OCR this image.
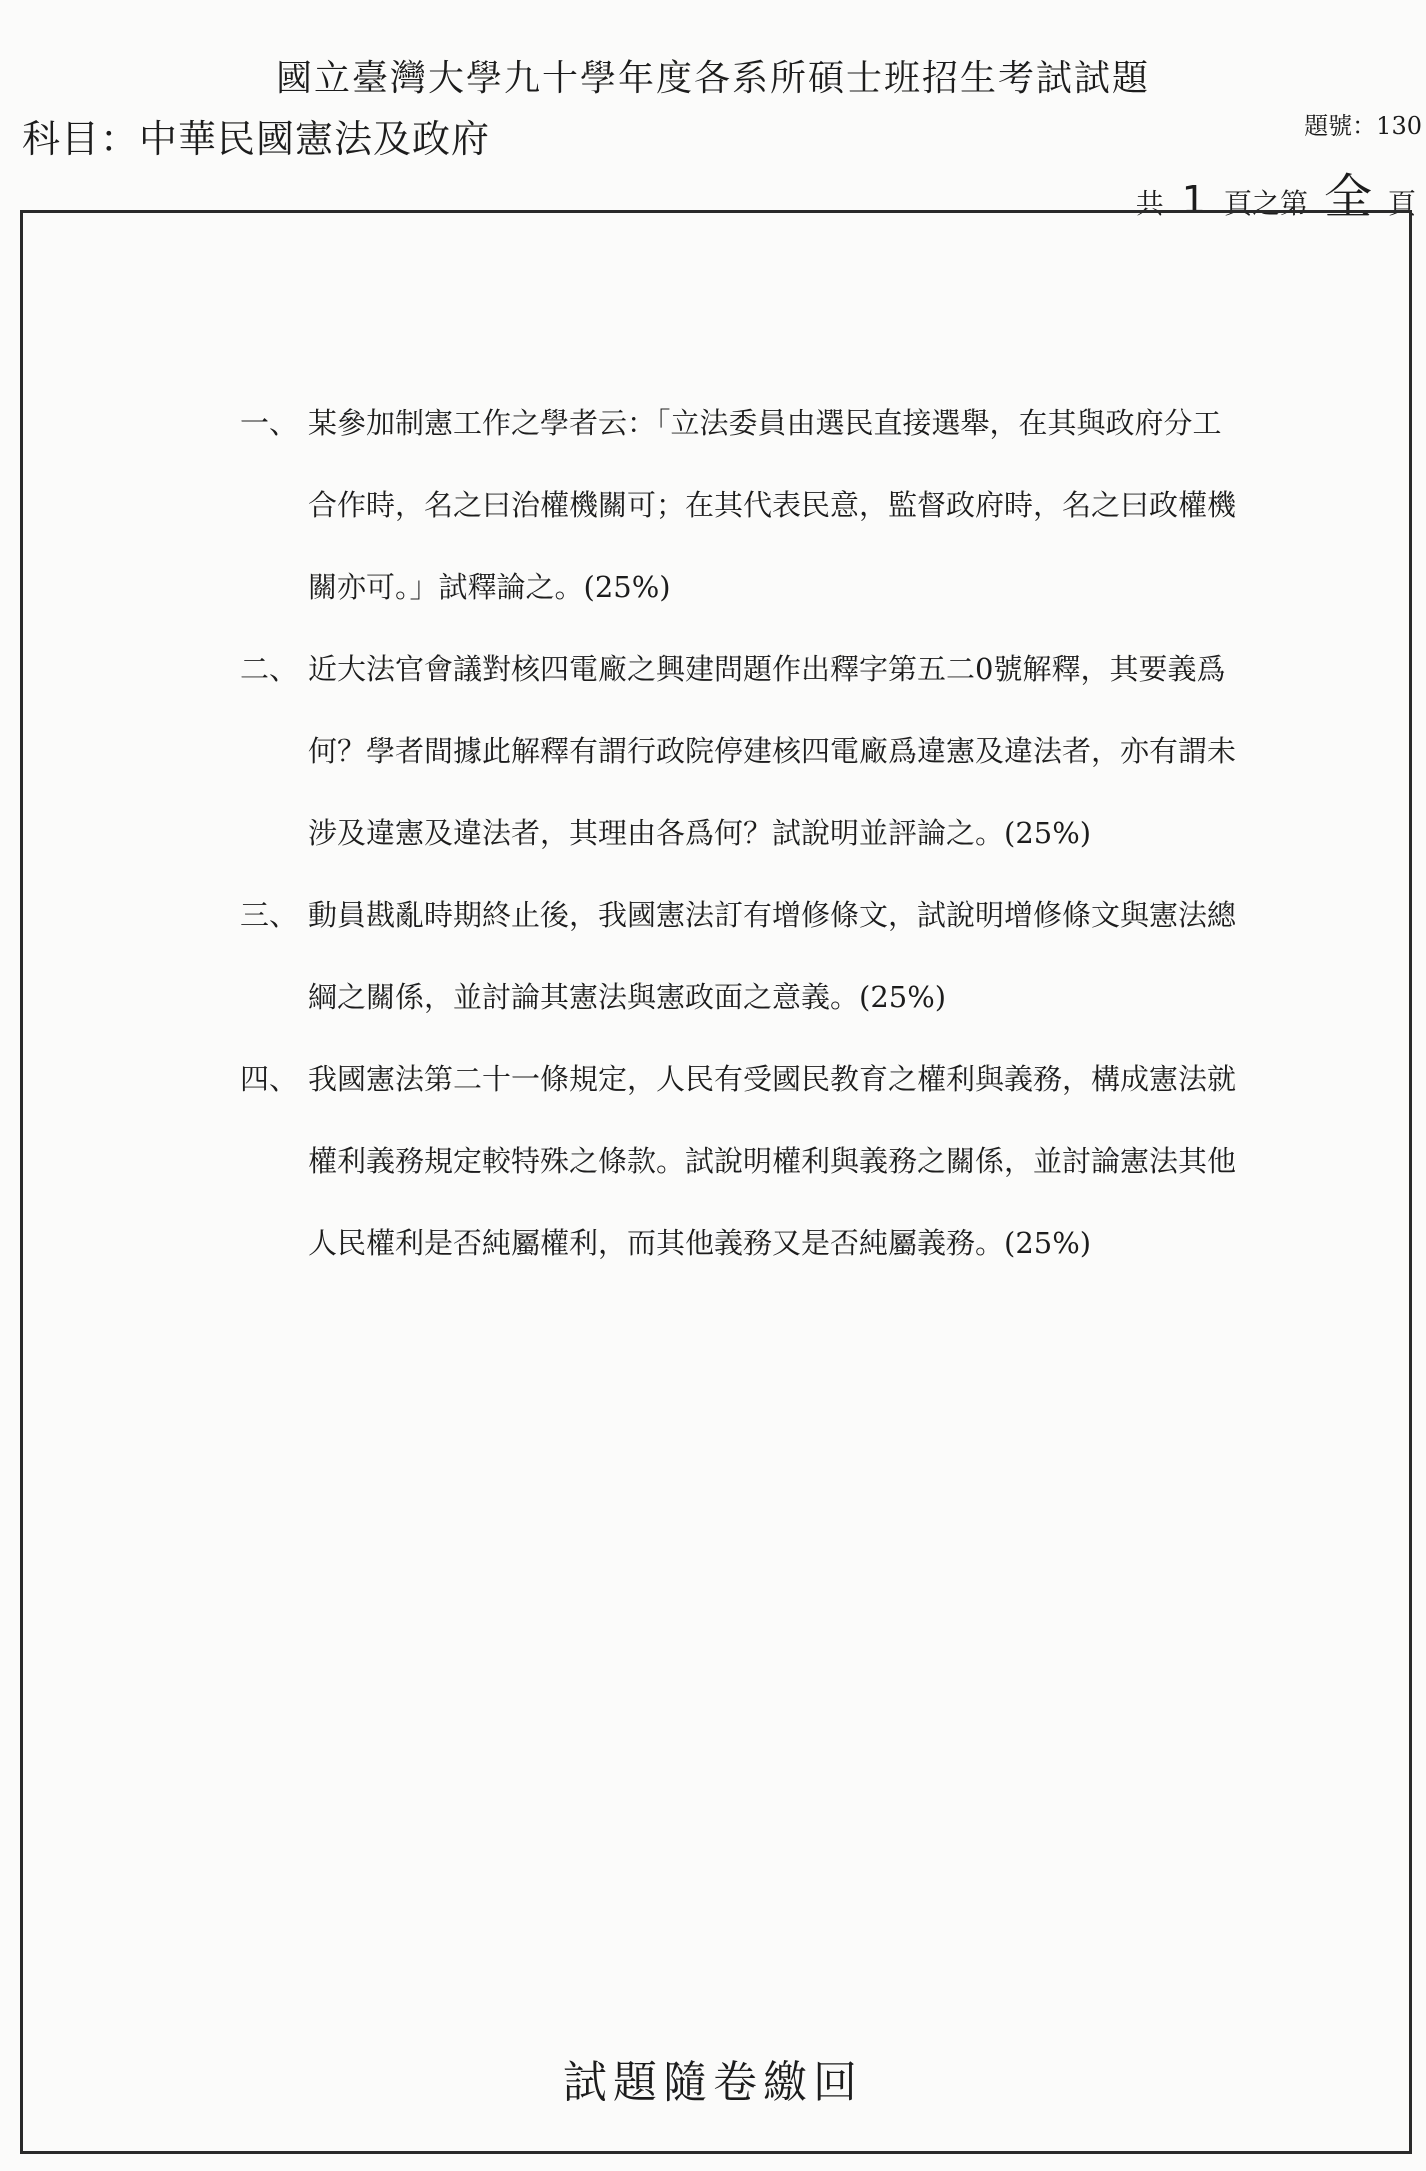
國立臺灣大學九十學年度各系所碩士班招生考試試題
科目：中華民國憲法及政府	題號：130
共 1 頁之第 全 頁
一、 某參加制憲工作之學者云：「立法委員由選民直接選舉，在其與政府分工合作時，名之曰治權機關可；在其代表民意，監督政府時，名之曰政權機關亦可。」試釋論之。(25%)
二、 近大法官會議對核四電廠之興建問題作出釋字第五二0號解釋，其要義爲何？學者間據此解釋有謂行政院停建核四電廠爲違憲及違法者，亦有謂未涉及違憲及違法者，其理由各爲何？試說明並評論之。(25%)
三、 動員戡亂時期終止後，我國憲法訂有增修條文，試說明增修條文與憲法總綱之關係，並討論其憲法與憲政面之意義。(25%)
四、 我國憲法第二十一條規定，人民有受國民教育之權利與義務，構成憲法就權利義務規定較特殊之條款。試說明權利與義務之關係，並討論憲法其他人民權利是否純屬權利，而其他義務又是否純屬義務。(25%)
試題隨卷繳回
